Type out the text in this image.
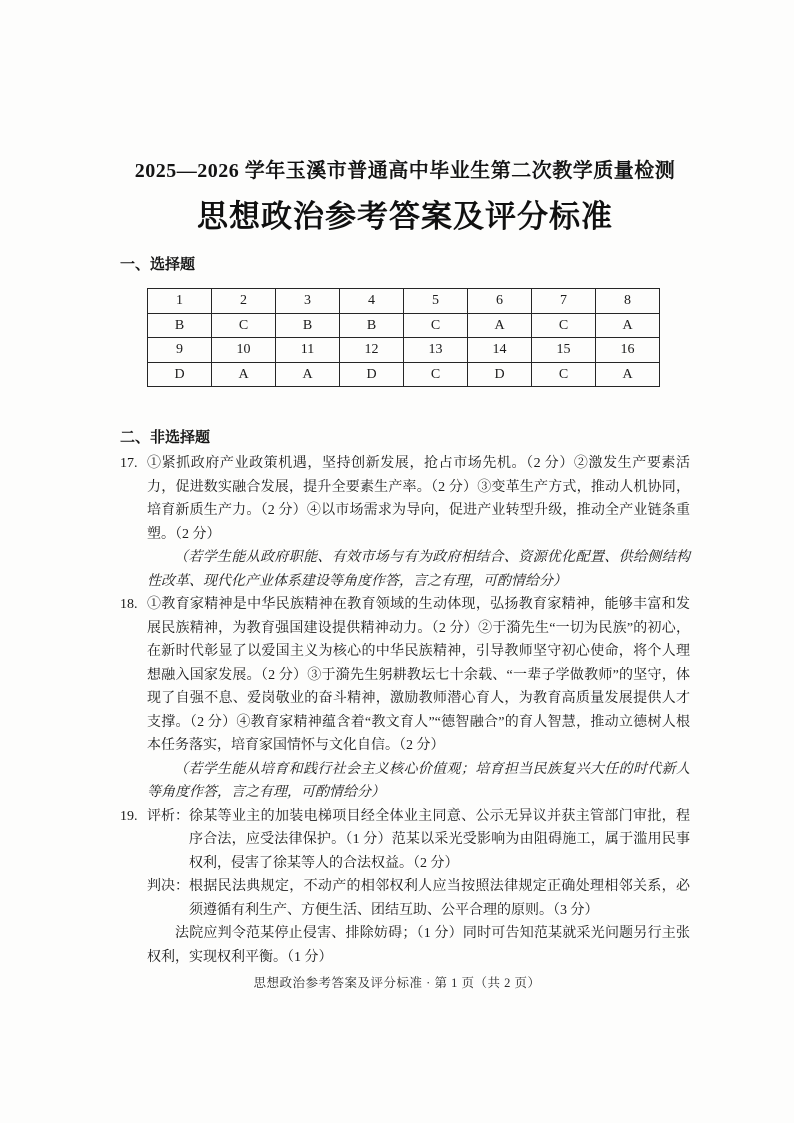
2025—2026 学年玉溪市普通高中毕业生第二次教学质量检测
思想政治参考答案及评分标准
一、选择题
1	2	3	4	5	6	7	8
B	C	B	B	C	A	C	A
9	10	11	12	13	14	15	16
D	A	A	D	C	D	C	A
二、非选择题
17. ①紧抓政府产业政策机遇，坚持创新发展，抢占市场先机。（2 分）②激发生产要素活力，促进数实融合发展，提升全要素生产率。（2 分）③变革生产方式，推动人机协同，培育新质生产力。（2 分）④以市场需求为导向，促进产业转型升级，推动全产业链条重塑。（2 分）

（若学生能从政府职能、有效市场与有为政府相结合、资源优化配置、供给侧结构性改革、现代化产业体系建设等角度作答，言之有理，可酌情给分）

18. ①教育家精神是中华民族精神在教育领域的生动体现，弘扬教育家精神，能够丰富和发展民族精神，为教育强国建设提供精神动力。（2 分）②于漪先生“一切为民族”的初心，在新时代彰显了以爱国主义为核心的中华民族精神，引导教师坚守初心使命，将个人理想融入国家发展。（2 分）③于漪先生躬耕教坛七十余载、“一辈子学做教师”的坚守，体现了自强不息、爱岗敬业的奋斗精神，激励教师潜心育人，为教育高质量发展提供人才支撑。（2 分）④教育家精神蕴含着“教文育人”“德智融合”的育人智慧，推动立德树人根本任务落实，培育家国情怀与文化自信。（2 分）

（若学生能从培育和践行社会主义核心价值观；培育担当民族复兴大任的时代新人等角度作答，言之有理，可酌情给分）

19. 评析： 徐某等业主的加装电梯项目经全体业主同意、公示无异议并获主管部门审批，程序合法，应受法律保护。（1 分）范某以采光受影响为由阻碍施工，属于滥用民事权利，侵害了徐某等人的合法权益。（2 分）

判决： 根据民法典规定，不动产的相邻权利人应当按照法律规定正确处理相邻关系，必须遵循有利生产、方便生活、团结互助、公平合理的原则。（3 分）

法院应判令范某停止侵害、排除妨碍；（1 分）同时可告知范某就采光问题另行主张权利，实现权利平衡。（1 分）

思想政治参考答案及评分标准 · 第 1 页（共 2 页）
